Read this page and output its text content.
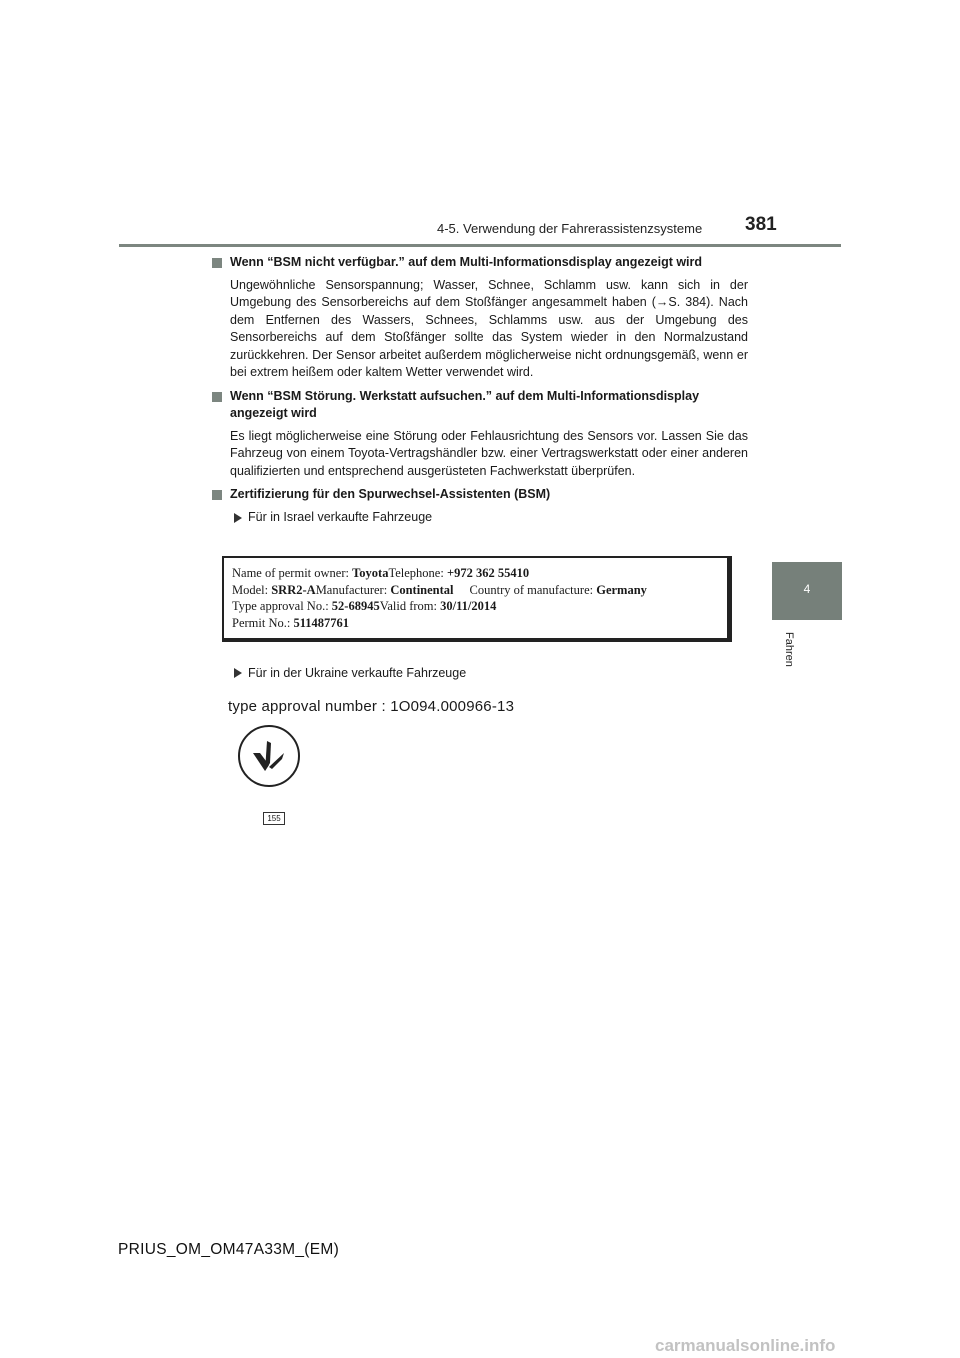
4-5. Verwendung der Fahrerassistenzsysteme 381
4
Fahren
Wenn “BSM nicht verfügbar.” auf dem Multi-Informationsdisplay angezeigt wird
Ungewöhnliche Sensorspannung; Wasser, Schnee, Schlamm usw. kann sich in der Umgebung des Sensorbereichs auf dem Stoßfänger angesammelt haben (→S. 384). Nach dem Entfernen des Wassers, Schnees, Schlamms usw. aus der Umgebung des Sensorbereichs auf dem Stoßfänger sollte das System wieder in den Normalzustand zurückkehren. Der Sensor arbeitet außerdem möglicherweise nicht ordnungsgemäß, wenn er bei extrem heißem oder kaltem Wetter verwendet wird.
Wenn “BSM Störung. Werkstatt aufsuchen.” auf dem Multi-Informationsdisplay angezeigt wird
Es liegt möglicherweise eine Störung oder Fehlausrichtung des Sensors vor. Lassen Sie das Fahrzeug von einem Toyota-Vertragshändler bzw. einer Vertragswerkstatt oder einer anderen qualifizierten und entsprechend ausgerüsteten Fachwerkstatt überprüfen.
Zertifizierung für den Spurwechsel-Assistenten (BSM)
Für in Israel verkaufte Fahrzeuge
Name of permit owner: ToyotaTelephone: +972 362 55410
Model: SRR2-AManufacturer: Continental Country of manufacture: Germany
Type approval No.: 52-68945Valid from: 30/11/2014
Permit No.: 511487761
Für in der Ukraine verkaufte Fahrzeuge
type approval number : 1O094.000966-13
155
PRIUS_OM_OM47A33M_(EM)
carmanualsonline.info
